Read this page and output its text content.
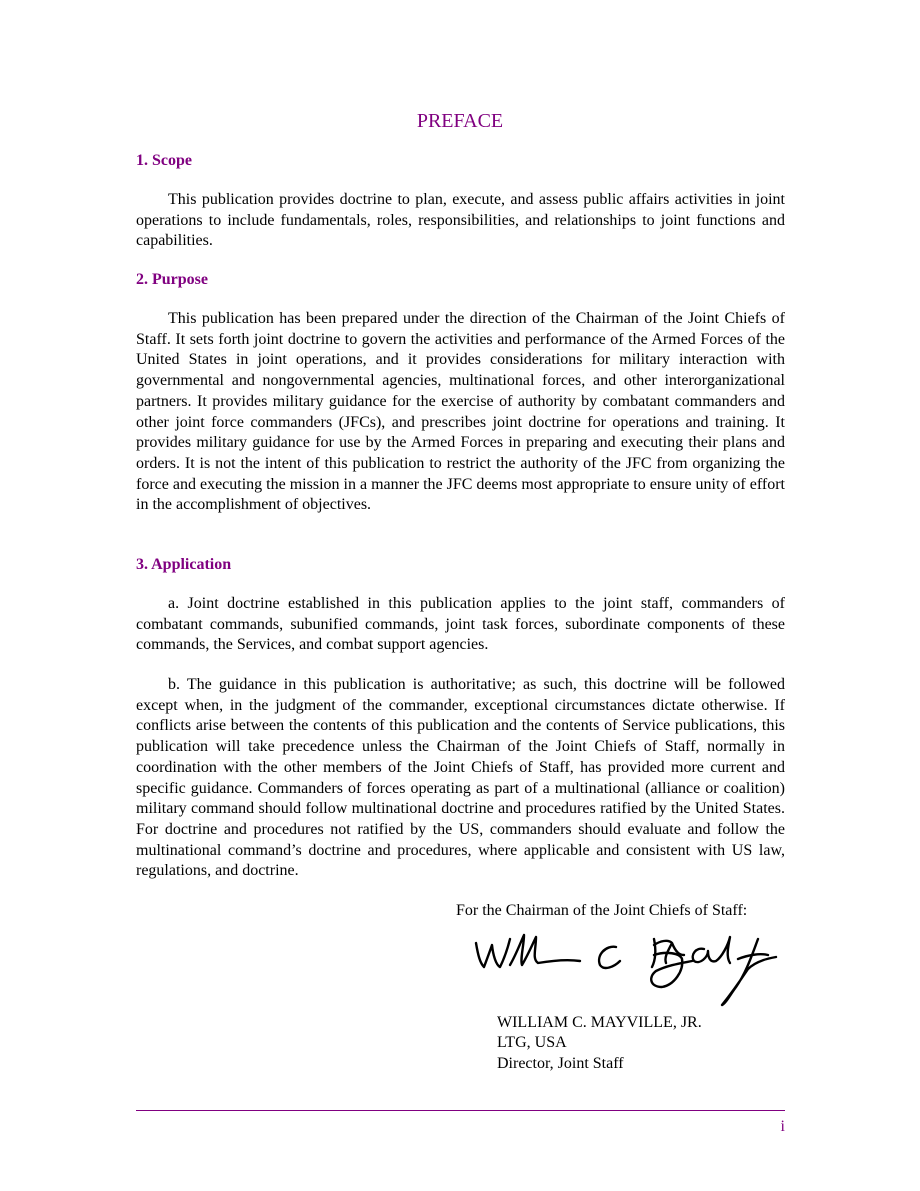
PREFACE
1. Scope

This publication provides doctrine to plan, execute, and assess public affairs activities in joint operations to include fundamentals, roles, responsibilities, and relationships to joint functions and capabilities.

2. Purpose

This publication has been prepared under the direction of the Chairman of the Joint Chiefs of Staff. It sets forth joint doctrine to govern the activities and performance of the Armed Forces of the United States in joint operations, and it provides considerations for military interaction with governmental and nongovernmental agencies, multinational forces, and other interorganizational partners. It provides military guidance for the exercise of authority by combatant commanders and other joint force commanders (JFCs), and prescribes joint doctrine for operations and training. It provides military guidance for use by the Armed Forces in preparing and executing their plans and orders. It is not the intent of this publication to restrict the authority of the JFC from organizing the force and executing the mission in a manner the JFC deems most appropriate to ensure unity of effort in the accomplishment of objectives.

3. Application

a. Joint doctrine established in this publication applies to the joint staff, commanders of combatant commands, subunified commands, joint task forces, subordinate components of these commands, the Services, and combat support agencies.

b. The guidance in this publication is authoritative; as such, this doctrine will be followed except when, in the judgment of the commander, exceptional circumstances dictate otherwise. If conflicts arise between the contents of this publication and the contents of Service publications, this publication will take precedence unless the Chairman of the Joint Chiefs of Staff, normally in coordination with the other members of the Joint Chiefs of Staff, has provided more current and specific guidance. Commanders of forces operating as part of a multinational (alliance or coalition) military command should follow multinational doctrine and procedures ratified by the United States. For doctrine and procedures not ratified by the US, commanders should evaluate and follow the multinational command’s doctrine and procedures, where applicable and consistent with US law, regulations, and doctrine.

For the Chairman of the Joint Chiefs of Staff:
WILLIAM C. MAYVILLE, JR.
LTG, USA
Director, Joint Staff
i
